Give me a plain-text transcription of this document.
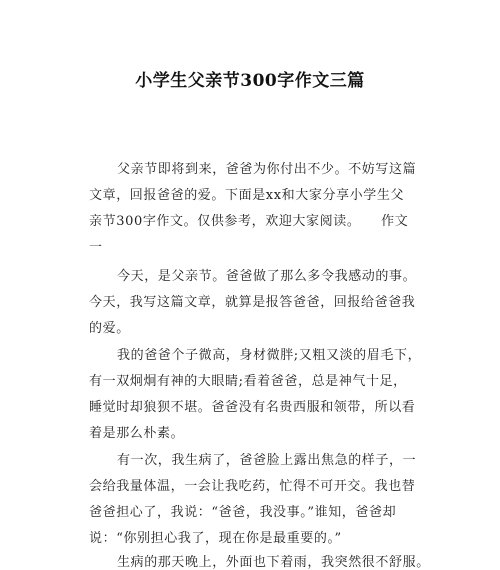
小学生父亲节300字作文三篇
父亲节即将到来，爸爸为你付出不少。不妨写这篇
文章，回报爸爸的爱。下面是xx和大家分享小学生父
亲节300字作文。仅供参考，欢迎大家阅读。　　作文
一
今天，是父亲节。爸爸做了那么多令我感动的事。
今天，我写这篇文章，就算是报答爸爸，回报给爸爸我
的爱。
我的爸爸个子微高，身材微胖;又粗又淡的眉毛下，
有一双炯炯有神的大眼睛;看着爸爸，总是神气十足，
睡觉时却狼狈不堪。爸爸没有名贵西服和领带，所以看
着是那么朴素。
有一次，我生病了，爸爸脸上露出焦急的样子，一
会给我量体温，一会让我吃药，忙得不可开交。我也替
爸爸担心了，我说：“爸爸，我没事。”谁知，爸爸却
说：“你别担心我了，现在你是最重要的。”
生病的那天晚上，外面也下着雨，我突然很不舒服。
